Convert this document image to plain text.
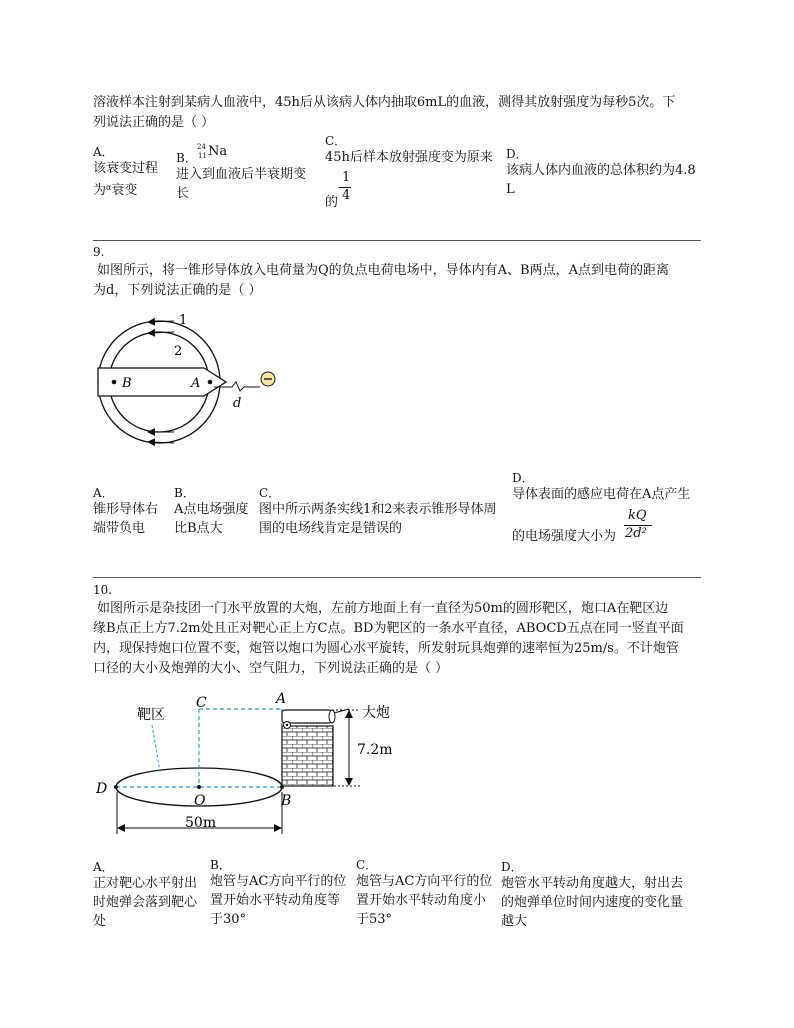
溶液样本注射到某病人血液中，45h后从该病人体内抽取6mL的血液，测得其放射强度为每秒5次。下
列说法正确的是（ ）
A．
该衰变过程
为$^\alpha$衰变
B．
24
11 Na
进入到血液后半衰期变
长
C．
45h后样本放射强度变为原来
1
4
的
D．
该病人体内血液的总体积约为4.8
L
9.
如图所示，将一锥形导体放入电荷量为Q的负点电荷电场中，导体内有A、B两点，A点到电荷的距离
为d，下列说法正确的是（ ）
1
2
B	A
d
A．
锥形导体右
端带负电
B．
A点电场强度
比B点大
C．
图中所示两条实线1和2来表示锥形导体周
围的电场线肯定是错误的
D．
导体表面的感应电荷在A点产生
的电场强度大小为
kQ
2d²
10.
如图所示是杂技团一门水平放置的大炮，左前方地面上有一直径为50m的圆形靶区，炮口A在靶区边
缘B点正上方7.2m处且正对靶心正上方C点。BD为靶区的一条水平直径，ABOCD五点在同一竖直平面
内，现保持炮口位置不变，炮管以炮口为圆心水平旋转，所发射玩具炮弹的速率恒为25m/s。不计炮管
口径的大小及炮弹的大小、空气阻力，下列说法正确的是（ ）
靶区
C	A
大炮
7.2m
D
O	B
50m
A．
正对靶心水平射出
时炮弹会落到靶心
处
B．
炮管与AC方向平行的位
置开始水平转动角度等
于30°
C．
炮管与AC方向平行的位
置开始水平转动角度小
于53°
D．
炮管水平转动角度越大，射出去
的炮弹单位时间内速度的变化量
越大
